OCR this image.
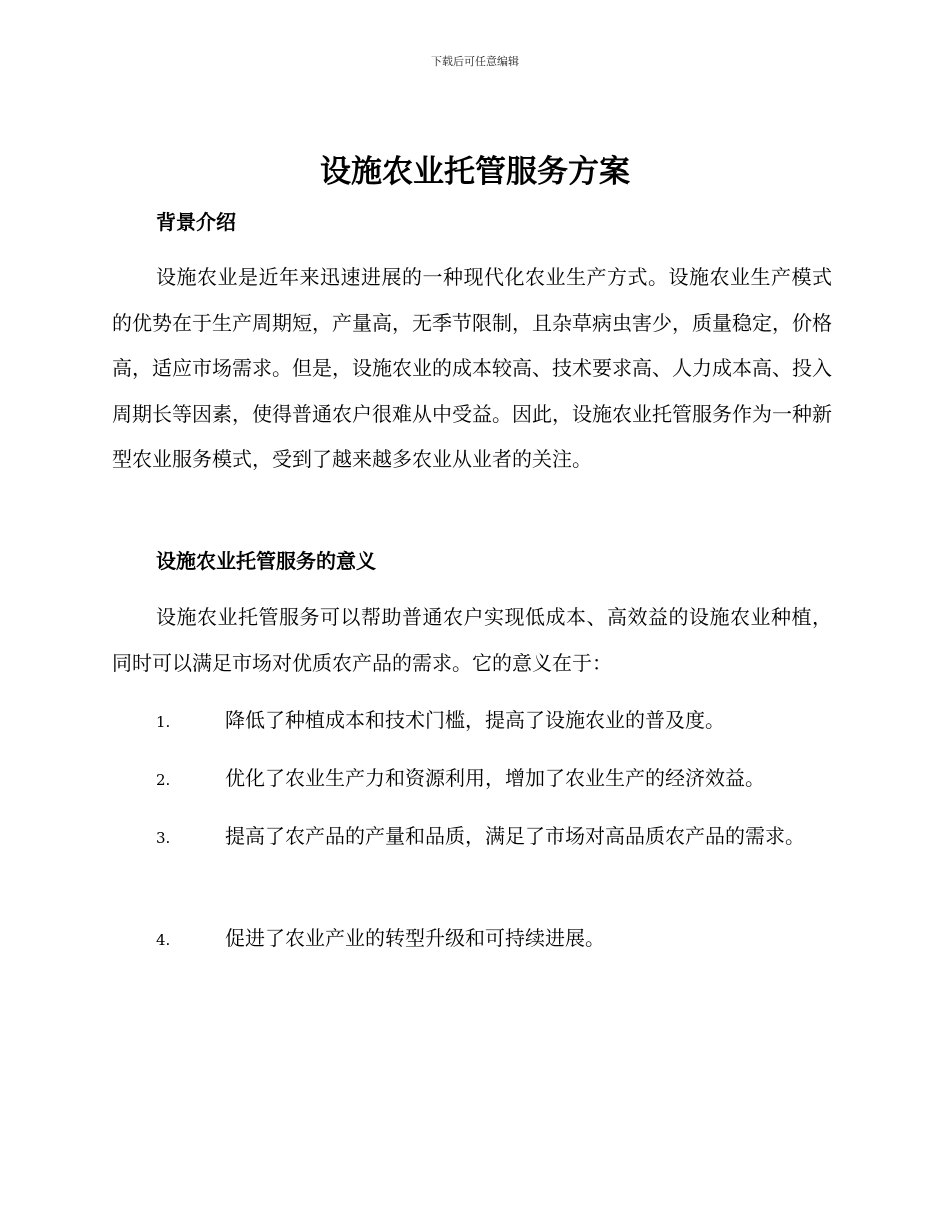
下载后可任意编辑
设施农业托管服务方案
背景介绍

设施农业是近年来迅速进展的一种现代化农业生产方式。设施农业生产模式的优势在于生产周期短，产量高，无季节限制，且杂草病虫害少，质量稳定，价格高，适应市场需求。但是，设施农业的成本较高、技术要求高、人力成本高、投入周期长等因素，使得普通农户很难从中受益。因此，设施农业托管服务作为一种新型农业服务模式，受到了越来越多农业从业者的关注。

设施农业托管服务的意义

设施农业托管服务可以帮助普通农户实现低成本、高效益的设施农业种植，同时可以满足市场对优质农产品的需求。它的意义在于：

1.	降低了种植成本和技术门槛，提高了设施农业的普及度。
2.	优化了农业生产力和资源利用，增加了农业生产的经济效益。
3.	提高了农产品的产量和品质，满足了市场对高品质农产品的需求。
4.	促进了农业产业的转型升级和可持续进展。
